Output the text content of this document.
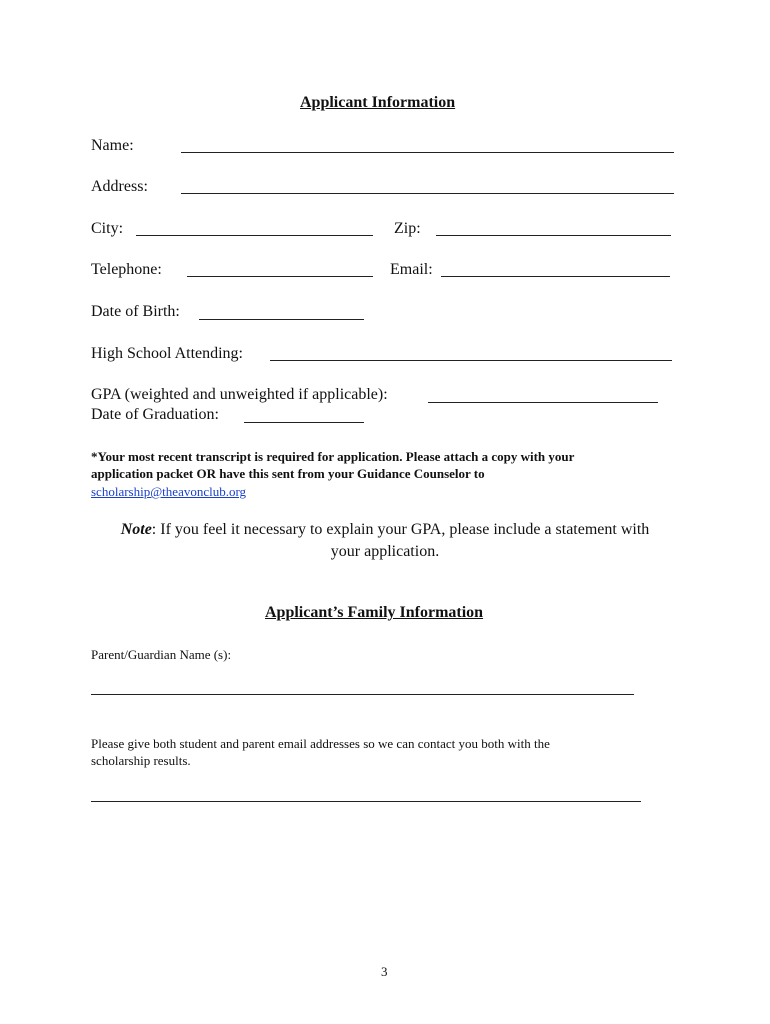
Applicant Information
Name:
Address:
City:	Zip:
Telephone:	Email:
Date of Birth:
High School Attending:
GPA (weighted and unweighted if applicable):
Date of Graduation:
*Your most recent transcript is required for application. Please attach a copy with your
application packet OR have this sent from your Guidance Counselor to
scholarship@theavonclub.org
Note: If you feel it necessary to explain your GPA, please include a statement with
your application.
Applicant’s Family Information
Parent/Guardian Name (s):
Please give both student and parent email addresses so we can contact you both with the
scholarship results.
3
